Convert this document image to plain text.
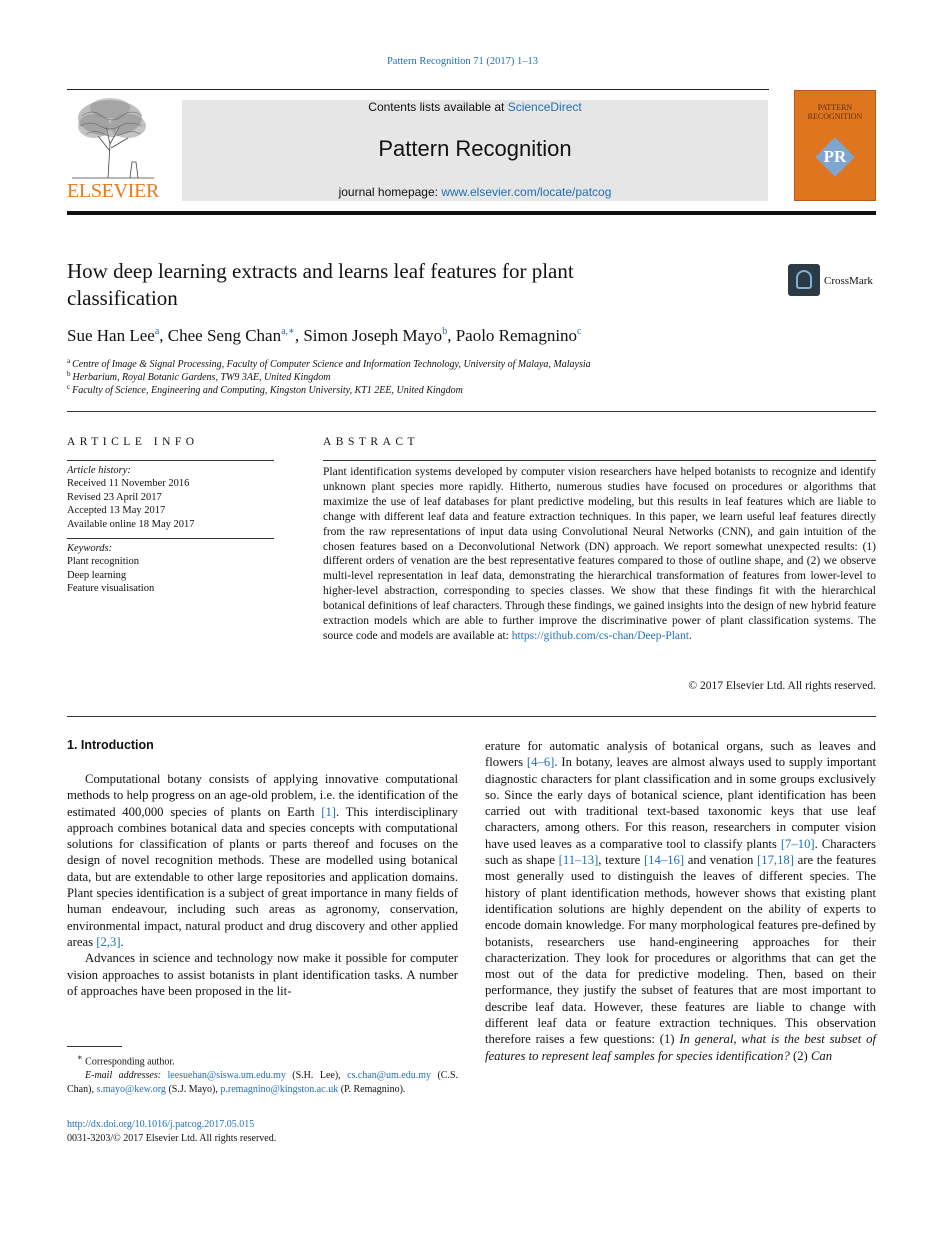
Pattern Recognition 71 (2017) 1–13
ELSEVIER
Contents lists available at ScienceDirect
Pattern Recognition
journal homepage: www.elsevier.com/locate/patcog
PATTERN RECOGNITION
PR
How deep learning extracts and learns leaf features for plant
classification
CrossMark
Sue Han Lee$^a$, Chee Seng Chan$^{a,∗}$, Simon Joseph Mayo$^b$, Paolo Remagnino$^c$
$^a$ Centre of Image & Signal Processing, Faculty of Computer Science and Information Technology, University of Malaya, Malaysia
$^b$ Herbarium, Royal Botanic Gardens, TW9 3AE, United Kingdom
$^c$ Faculty of Science, Engineering and Computing, Kingston University, KT1 2EE, United Kingdom
ARTICLE INFO
Article history:
Received 11 November 2016
Revised 23 April 2017
Accepted 13 May 2017
Available online 18 May 2017
Keywords:
Plant recognition
Deep learning
Feature visualisation
ABSTRACT
Plant identification systems developed by computer vision researchers have helped botanists to recognize and identify unknown plant species more rapidly. Hitherto, numerous studies have focused on procedures or algorithms that maximize the use of leaf databases for plant predictive modeling, but this results in leaf features which are liable to change with different leaf data and feature extraction techniques. In this paper, we learn useful leaf features directly from the raw representations of input data using Convolutional Neural Networks (CNN), and gain intuition of the chosen features based on a Deconvolutional Network (DN) approach. We report somewhat unexpected results: (1) different orders of venation are the best representative features compared to those of outline shape, and (2) we observe multi-level representation in leaf data, demonstrating the hierarchical transformation of features from lower-level to higher-level abstraction, corresponding to species classes. We show that these findings fit with the hierarchical botanical definitions of leaf characters. Through these findings, we gained insights into the design of new hybrid feature extraction models which are able to further improve the discriminative power of plant classification systems. The source code and models are available at: https://github.com/cs-chan/Deep-Plant.
© 2017 Elsevier Ltd. All rights reserved.
1. Introduction

Computational botany consists of applying innovative computational methods to help progress on an age-old problem, i.e. the identification of the estimated 400,000 species of plants on Earth [1]. This interdisciplinary approach combines botanical data and species concepts with computational solutions for classification of plants or parts thereof and focuses on the design of novel recognition methods. These are modelled using botanical data, but are extendable to other large repositories and application domains. Plant species identification is a subject of great importance in many fields of human endeavour, including such areas as agronomy, conservation, environmental impact, natural product and drug discovery and other applied areas [2,3].

Advances in science and technology now make it possible for computer vision approaches to assist botanists in plant identification tasks. A number of approaches have been proposed in the lit-

erature for automatic analysis of botanical organs, such as leaves and flowers [4–6]. In botany, leaves are almost always used to supply important diagnostic characters for plant classification and in some groups exclusively so. Since the early days of botanical science, plant identification has been carried out with traditional text-based taxonomic keys that use leaf characters, among others. For this reason, researchers in computer vision have used leaves as a comparative tool to classify plants [7–10]. Characters such as shape [11–13], texture [14–16] and venation [17,18] are the features most generally used to distinguish the leaves of different species. The history of plant identification methods, however shows that existing plant identification solutions are highly dependent on the ability of experts to encode domain knowledge. For many morphological features pre-defined by botanists, researchers use hand-engineering approaches for their characterization. They look for procedures or algorithms that can get the most out of the data for predictive modeling. Then, based on their performance, they justify the subset of features that are most important to describe leaf data. However, these features are liable to change with different leaf data or feature extraction techniques. This observation therefore raises a few questions: (1) In general, what is the best subset of features to represent leaf samples for species identification? (2) Can

∗ Corresponding author.
E-mail addresses: leesuehan@siswa.um.edu.my (S.H. Lee), cs.chan@um.edu.my (C.S. Chan), s.mayo@kew.org (S.J. Mayo), p.remagnino@kingston.ac.uk (P. Remagnino).
http://dx.doi.org/10.1016/j.patcog.2017.05.015
0031-3203/© 2017 Elsevier Ltd. All rights reserved.
